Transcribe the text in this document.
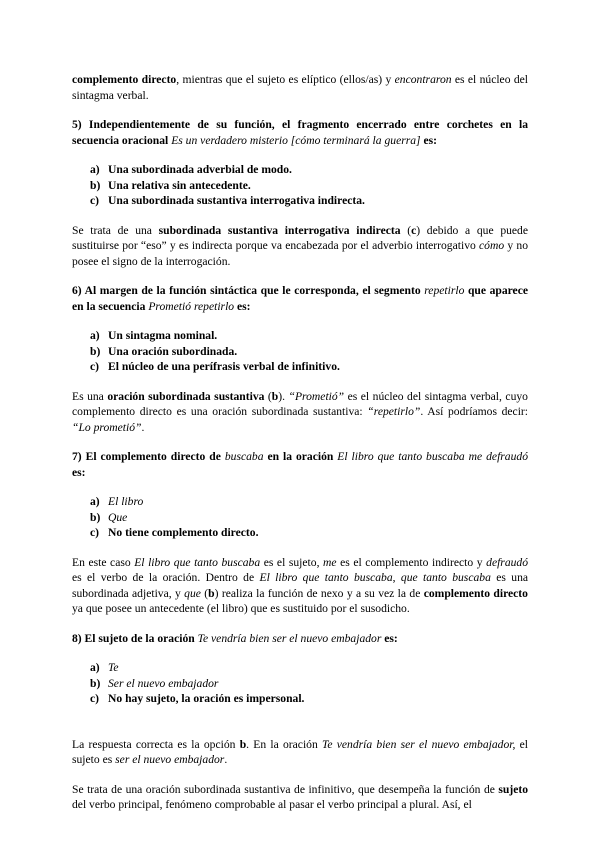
complemento directo, mientras que el sujeto es elíptico (ellos/as) y encontraron es el núcleo del sintagma verbal.

5) Independientemente de su función, el fragmento encerrado entre corchetes en la secuencia oracional Es un verdadero misterio [cómo terminará la guerra] es:

a) Una subordinada adverbial de modo.
b) Una relativa sin antecedente.
c) Una subordinada sustantiva interrogativa indirecta.

Se trata de una subordinada sustantiva interrogativa indirecta (c) debido a que puede sustituirse por “eso” y es indirecta porque va encabezada por el adverbio interrogativo cómo y no posee el signo de la interrogación.

6) Al margen de la función sintáctica que le corresponda, el segmento repetirlo que aparece en la secuencia Prometió repetirlo es:

a) Un sintagma nominal.
b) Una oración subordinada.
c) El núcleo de una perífrasis verbal de infinitivo.

Es una oración subordinada sustantiva (b). “Prometió” es el núcleo del sintagma verbal, cuyo complemento directo es una oración subordinada sustantiva: “repetirlo”. Así podríamos decir: “Lo prometió”.

7) El complemento directo de buscaba en la oración El libro que tanto buscaba me defraudó es:

a) El libro
b) Que
c) No tiene complemento directo.

En este caso El libro que tanto buscaba es el sujeto, me es el complemento indirecto y defraudó es el verbo de la oración. Dentro de El libro que tanto buscaba, que tanto buscaba es una subordinada adjetiva, y que (b) realiza la función de nexo y a su vez la de complemento directo ya que posee un antecedente (el libro) que es sustituido por el susodicho.

8) El sujeto de la oración Te vendría bien ser el nuevo embajador es:

a) Te
b) Ser el nuevo embajador
c) No hay sujeto, la oración es impersonal.

La respuesta correcta es la opción b. En la oración Te vendría bien ser el nuevo embajador, el sujeto es ser el nuevo embajador.

Se trata de una oración subordinada sustantiva de infinitivo, que desempeña la función de sujeto del verbo principal, fenómeno comprobable al pasar el verbo principal a plural. Así, el
